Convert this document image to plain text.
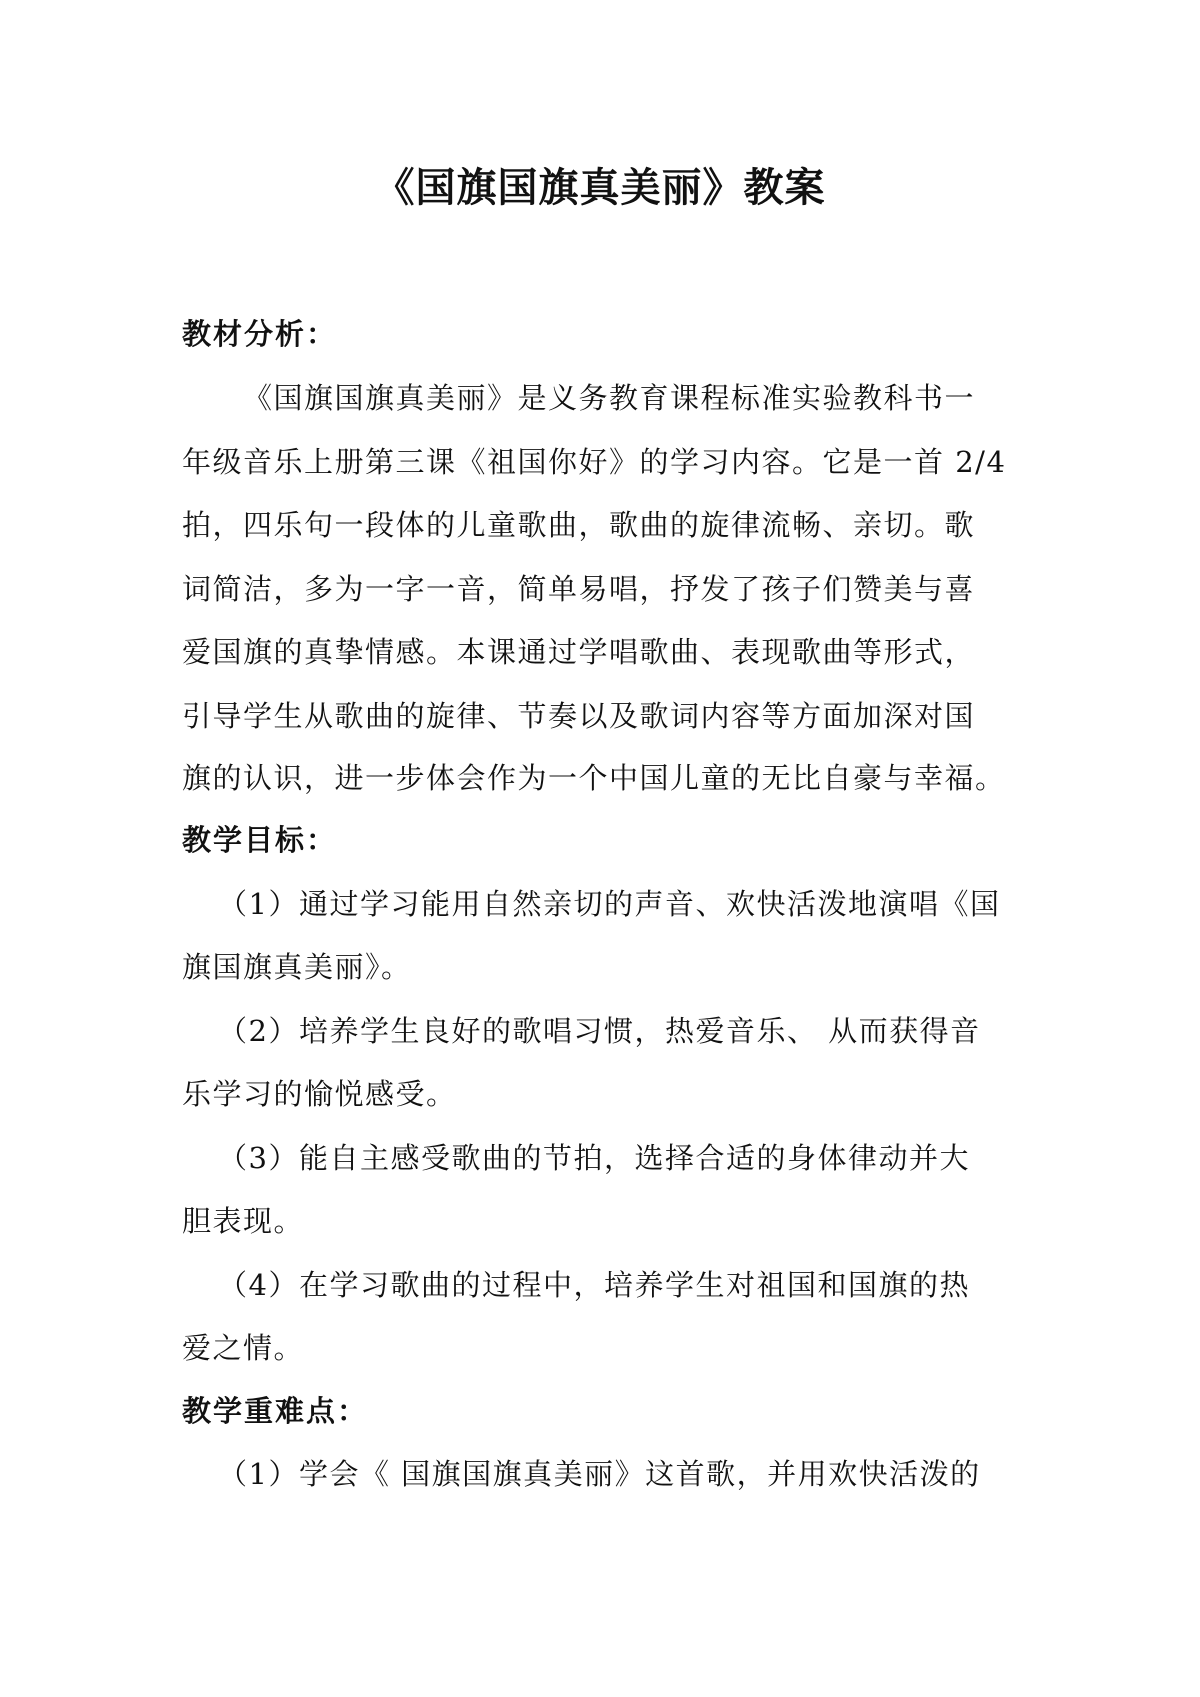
《国旗国旗真美丽》教案
教材分析：
《国旗国旗真美丽》是义务教育课程标准实验教科书一
年级音乐上册第三课《祖国你好》的学习内容。它是一首 2/4
拍，四乐句一段体的儿童歌曲，歌曲的旋律流畅、亲切。歌
词简洁，多为一字一音，简单易唱，抒发了孩子们赞美与喜
爱国旗的真挚情感。本课通过学唱歌曲、表现歌曲等形式，
引导学生从歌曲的旋律、节奏以及歌词内容等方面加深对国
旗的认识，进一步体会作为一个中国儿童的无比自豪与幸福。
教学目标：
（1）通过学习能用自然亲切的声音、欢快活泼地演唱《国
旗国旗真美丽》。
（2）培养学生良好的歌唱习惯，热爱音乐、 从而获得音
乐学习的愉悦感受。
（3）能自主感受歌曲的节拍，选择合适的身体律动并大
胆表现。
（4）在学习歌曲的过程中，培养学生对祖国和国旗的热
爱之情。
教学重难点：
（1）学会《 国旗国旗真美丽》这首歌，并用欢快活泼的
